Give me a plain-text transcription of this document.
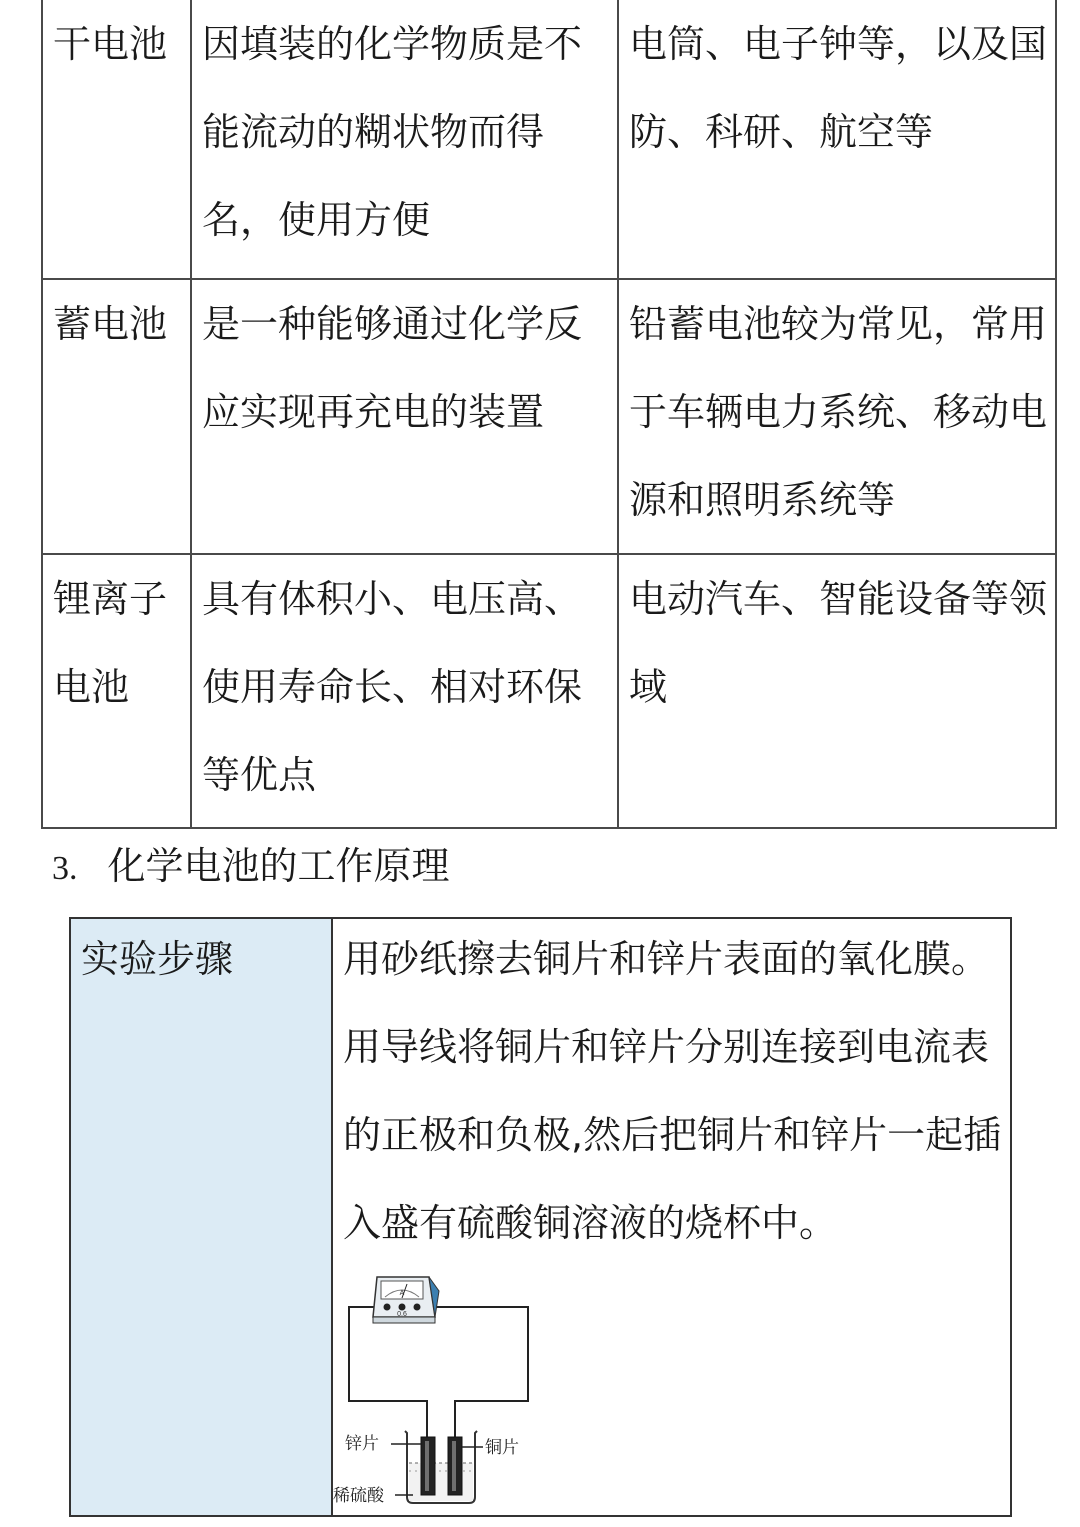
干电池	因填装的化学物质是不能流动的糊状物而得名，使用方便	电筒、电子钟等，以及国防、科研、航空等
蓄电池	是一种能够通过化学反应实现再充电的装置	铅蓄电池较为常见，常用于车辆电力系统、移动电源和照明系统等
锂离子电池	具有体积小、电压高、使用寿命长、相对环保等优点	电动汽车、智能设备等领域
3. 化学电池的工作原理
实验步骤	用砂纸擦去铜片和锌片表面的氧化膜。用导线将铜片和锌片分别连接到电流表的正极和负极,然后把铜片和锌片一起插入盛有硫酸铜溶液的烧杯中。
A
0.6
锌片	铜片
稀硫酸
